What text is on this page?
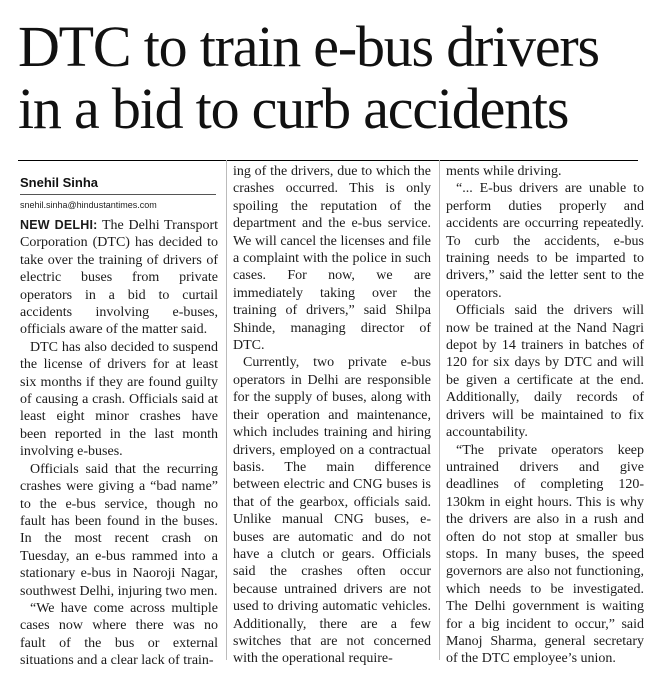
DTC to train e-bus drivers
in a bid to curb accidents
Snehil Sinha
snehil.sinha@hindustantimes.com

NEW DELHI: The Delhi Transport Corporation (DTC) has decided to take over the training of drivers of electric buses from private operators in a bid to curtail accidents involving e-buses, officials aware of the matter said.

DTC has also decided to suspend the license of drivers for at least six months if they are found guilty of causing a crash. Officials said at least eight minor crashes have been reported in the last month involving e-buses.

Officials said that the recurring crashes were giving a “bad name” to the e-bus service, though no fault has been found in the buses. In the most recent crash on Tuesday, an e-bus rammed into a stationary e-bus in Naoroji Nagar, southwest Delhi, injuring two men.

“We have come across multiple cases now where there was no fault of the bus or external situations and a clear lack of train-

ing of the drivers, due to which the crashes occurred. This is only spoiling the reputation of the department and the e-bus service. We will cancel the licenses and file a complaint with the police in such cases. For now, we are immediately taking over the training of drivers,” said Shilpa Shinde, managing director of DTC.

Currently, two private e-bus operators in Delhi are responsible for the supply of buses, along with their operation and maintenance, which includes training and hiring drivers, employed on a contractual basis. The main difference between electric and CNG buses is that of the gearbox, officials said. Unlike manual CNG buses, e-buses are automatic and do not have a clutch or gears. Officials said the crashes often occur because untrained drivers are not used to driving automatic vehicles. Additionally, there are a few switches that are not concerned with the operational require-

ments while driving.

“... E-bus drivers are unable to perform duties properly and accidents are occurring repeatedly. To curb the accidents, e-bus training needs to be imparted to drivers,” said the letter sent to the operators.

Officials said the drivers will now be trained at the Nand Nagri depot by 14 trainers in batches of 120 for six days by DTC and will be given a certificate at the end. Additionally, daily records of drivers will be maintained to fix accountability.

“The private operators keep untrained drivers and give deadlines of completing 120-130km in eight hours. This is why the drivers are also in a rush and often do not stop at smaller bus stops. In many buses, the speed governors are also not functioning, which needs to be investigated. The Delhi government is waiting for a big incident to occur,” said Manoj Sharma, general secretary of the DTC employee’s union.
